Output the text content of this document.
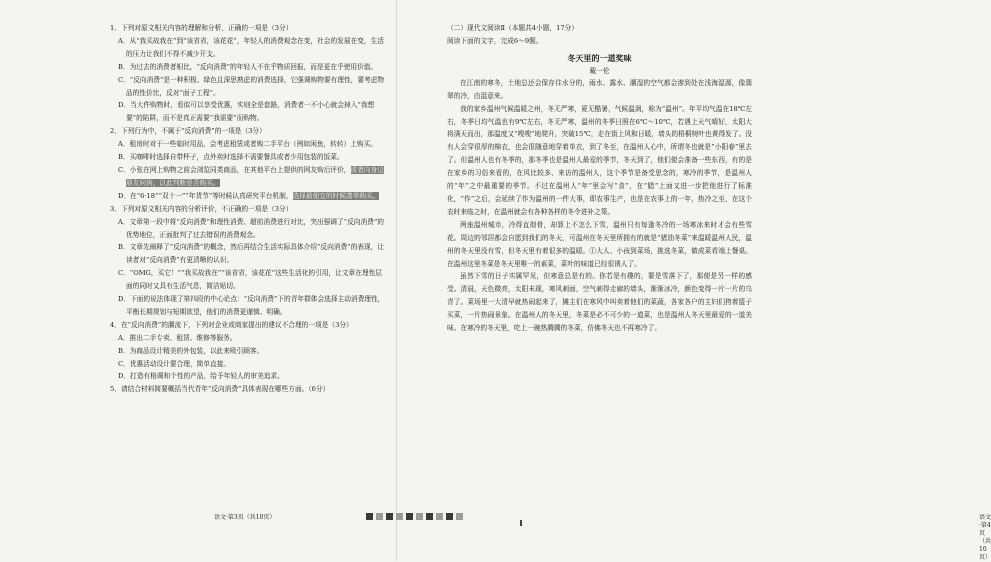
1．下列对原文相关内容的理解和分析，正确的一项是（3分）
A．从“我买故我在”到“该省省，该花花”，年轻人的消费观念在变，社会的发展在变，生活的压力让我们不得不减少开支。
B．为过去的消费者相比，“反向消费”的年轻人不在乎物质回报，而是更在乎使用价值。
C．“反向消费”是一种积极、绿色且深思熟虑的消费选择，它强调购物要有理性，要考虑物品的性价比，反对“面子工程”。
D．当大件购物时，看似可以享受优惠，实则全是套路，消费者一不小心就会掉入“我想要”的陷阱，而不是真正需要“我需要”而购物。
2．下列行为中，不属于“反向消费”的一项是（3分）
A．租房时对于一些临时用品，会考虑租赁或者购二手平台（例如闲鱼，转转）上购买。
B．买咖啡时选择自带杯子，点外卖时选择不需要餐具或者少用包装的饭菜。
C．小张在网上购物之前会浏览同类商品，在其他平台上提供的网友购后评价，或者向身边朋友问询，以此判断是否购买。
D．在“6·18”“双十一”“年货节”等时候认真研究平台机制，选择最便宜的时候凑单购买。
3．下列对原文相关内容的分析评价，不正确的一项是（3分）
A．文章第一段中将“反向消费”和理性消费、超前消费进行对比，突出强调了“反向消费”的优势地位，正面批判了过去错误的消费观念。
B．文章先阐释了“反向消费”的概念，然后再结合生活实际具体介绍“反向消费”的表现，让读者对“反向消费”有更清晰的认识。
C．“OMG，买它！”“我买故我在”“该省省，该花花”这些生活化的引用，让文章在理性层面的同时又具有生活气息，简洁贴切。
D．下面的说法体现了第四段的中心论点：“反向消费”下的青年群体会选择主动消费理性，平衡长期规划与短期欲望，他们的消费更谨慎、明确。
4．在“反向消费”的潮流下，下列对企业或商家提出的建议不合理的一项是（3分）
A．推出二手专卖、租赁、维修等服务。
B．为商品设计精美的外包装，以此来吸引顾客。
C．优惠活动设计要合理，简单直接。
D．打造有格调和个性的产品，给予年轻人的审美追求。
5．请结合材料简要概括当代青年“反向消费”具体表现在哪些方面。（6分）
语文·第3页（共10页）
（二）现代文阅读Ⅱ（本题共4小题，17分）
阅读下面的文字，完成6～9题。
冬天里的一道奖味
戴一伦
在江南的寒冬，土地总还会保存住水分的，雨水、露水、潮湿的空气都会渗到处在浅海湿源，像翡翠的冷，由湿意来。
我的家乡温州气候温暖之州，冬无严寒，夏无酷暑，气候温润，称为“温州”。年平均气温在18℃左右，冬季日均气温也有9℃左右，冬无严寒，温州的冬季日照在6℃～10℃，若遇上天气晴好，太阳大将满天而出，那温度又“嗖嗖”地爬升，突破15℃，走在街上风和日暖，墙头的梧桐树叶也黄得发了。没有人会穿很厚的棉衣，也会很随意地穿着单衣，到了冬至，在温州人心中，所谓冬也就是“小阳春”里去了。但温州人也有冬季的，那冬季也是温州人最爱的季节，冬天到了，他们便会准备一些东西，有的是在家乡的习俗来看的，在风比较多、来访的温州人，这个季节是备受思念的，寒冷的季节，是温州人的“年”之中最重要的季节。不过在温州人“年”里会写“食”，在“腊”上面又进一步把他进行了标准化，“作”之后，会延续了作为温州的一件大事，即农事生产，也是在农事上的一年，热冷之至，在这个农时来临之时，在温州就会有各种各样的冬令进补之策。
两座温州城市，冷得直彻骨，却算上不怎么下雪，温州只有每逢冬冷的一场寒冰来时才会有些雪花。周边的邻居都会自愿到我们的冬天，可温州在冬天里所拥有的就是“猪油冬菜”来温暖温州人民，温州的冬天里没有雪，但冬天里有着很多的温暖。①大人、小孩到菜场，挑选冬菜，做成菜肴端上餐桌。在温州这里冬菜是冬天里唯一的素菜，菜叶的味道已经很诱人了。
虽然下雪的日子实属罕见，但寒意总是有的。你若是有趣的，要是雪落下了，那便是另一样的感受。清晨，天色微亮，太阳未现，寒风刺面，空气刺得走廊的墙头，渐渐冰冷，颜色变得一片一片的乌青了。菜场里一大清早就热闹起来了，摊主们在寒风中叫卖着他们的菜蔬，各家各户的主妇们挎着篮子买菜，一片热闹景象。在温州人的冬天里，冬菜是必不可少的一道菜，也是温州人冬天里最爱的一道美味。在寒冷的冬天里，吃上一碗热腾腾的冬菜，仿佛冬天也不再寒冷了。
语文·第4页（共10页）
